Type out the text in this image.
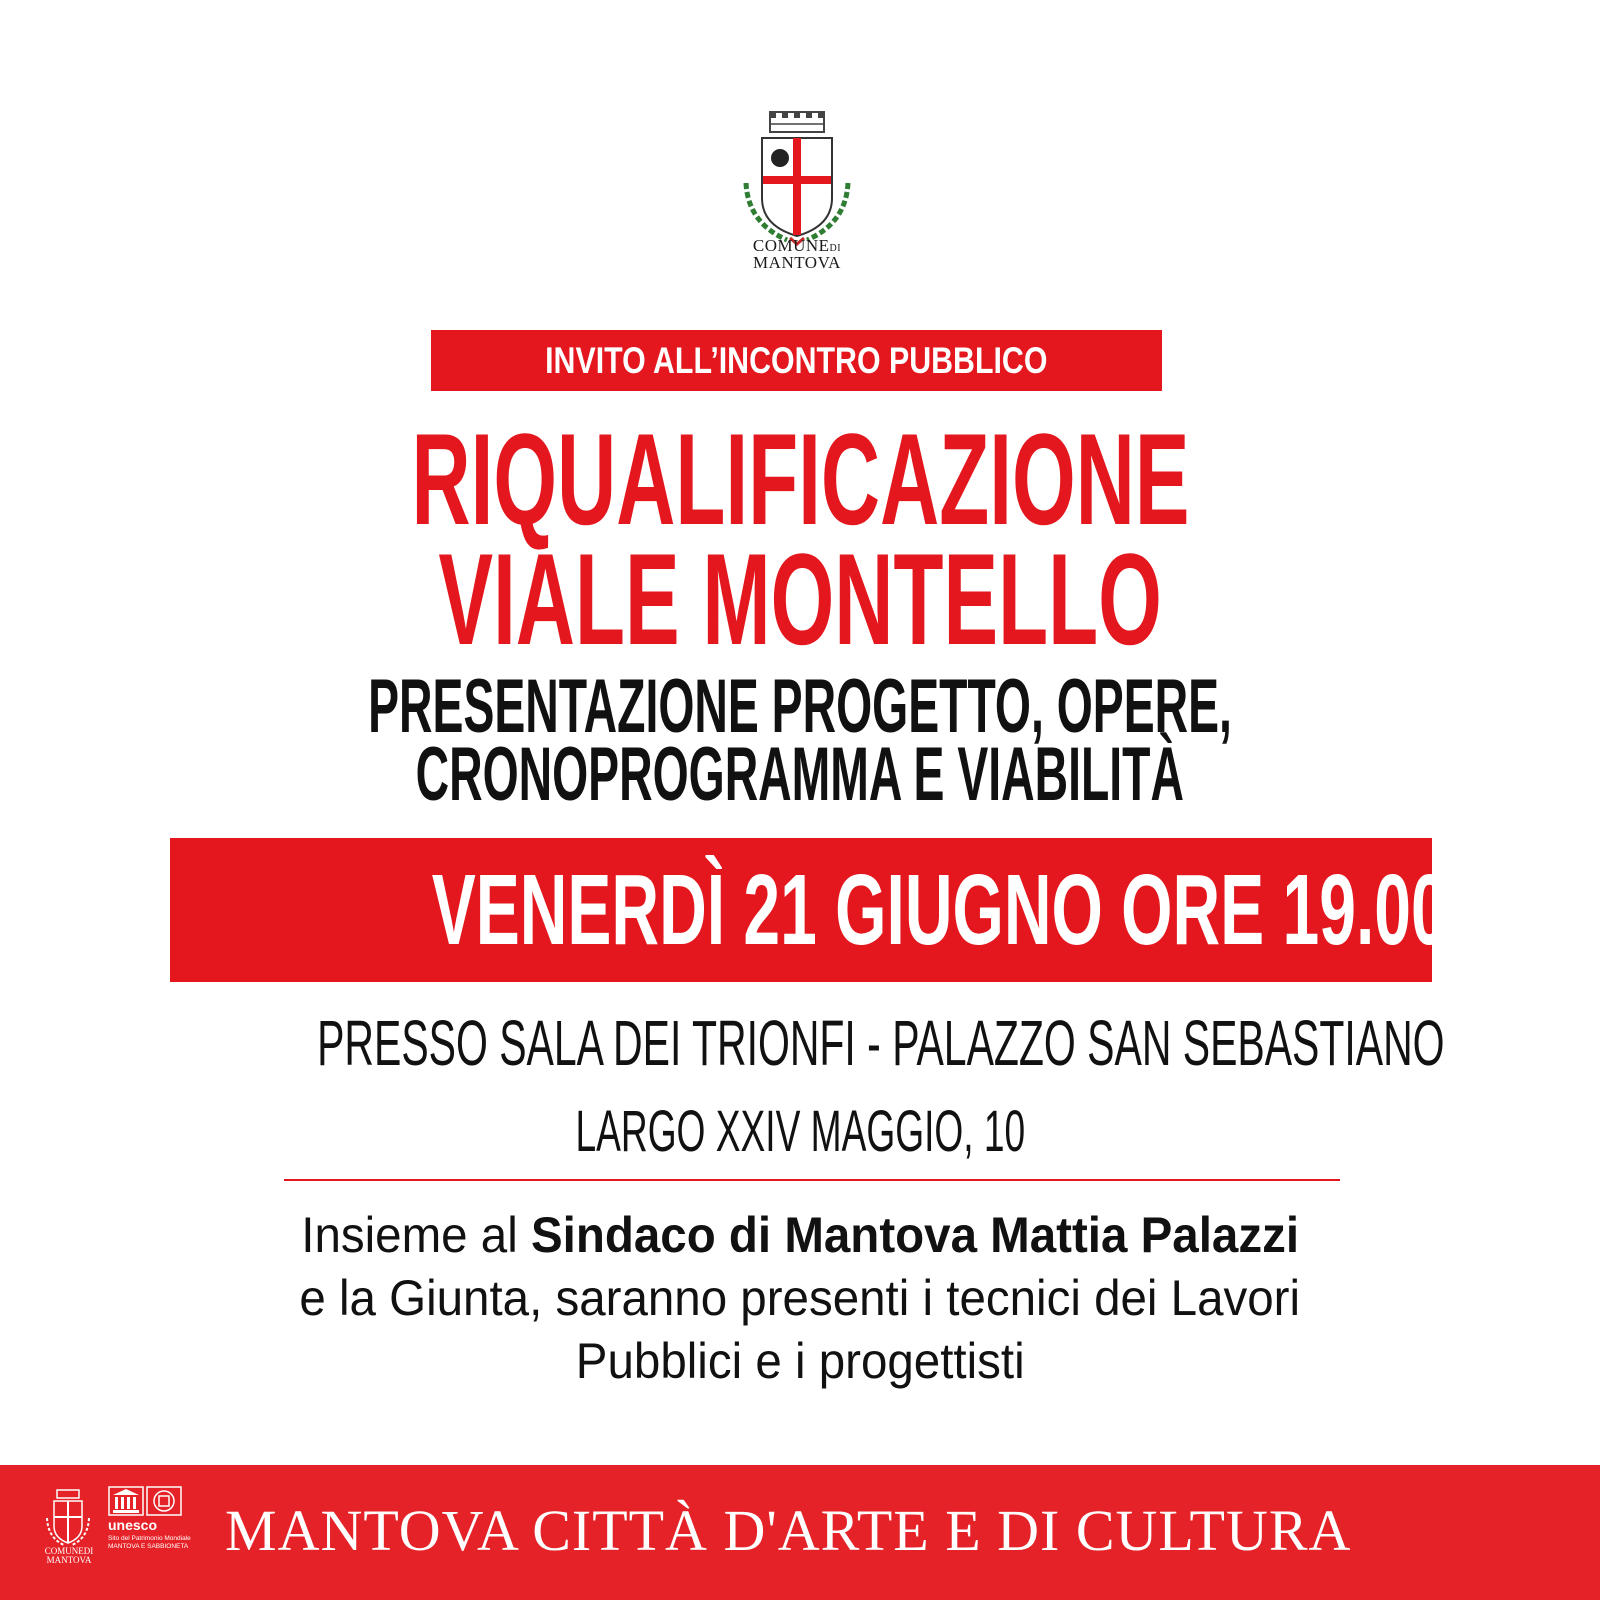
COMUNEDI
MANTOVA
INVITO ALL’INCONTRO PUBBLICO
RIQUALIFICAZIONE
VIALE MONTELLO
PRESENTAZIONE PROGETTO, OPERE,
CRONOPROGRAMMA E VIABILITÀ
VENERDÌ 21 GIUGNO ORE 19.00
PRESSO SALA DEI TRIONFI - PALAZZO SAN SEBASTIANO
LARGO XXIV MAGGIO, 10
Insieme al Sindaco di Mantova Mattia Palazzi
e la Giunta, saranno presenti i tecnici dei Lavori
Pubblici e i progettisti
COMUNEDI
MANTOVA
unesco
Sito del Patrimonio Mondiale MANTOVA E SABBIONETA MANTOVA CITTÀ D'ARTE E DI CULTURA
